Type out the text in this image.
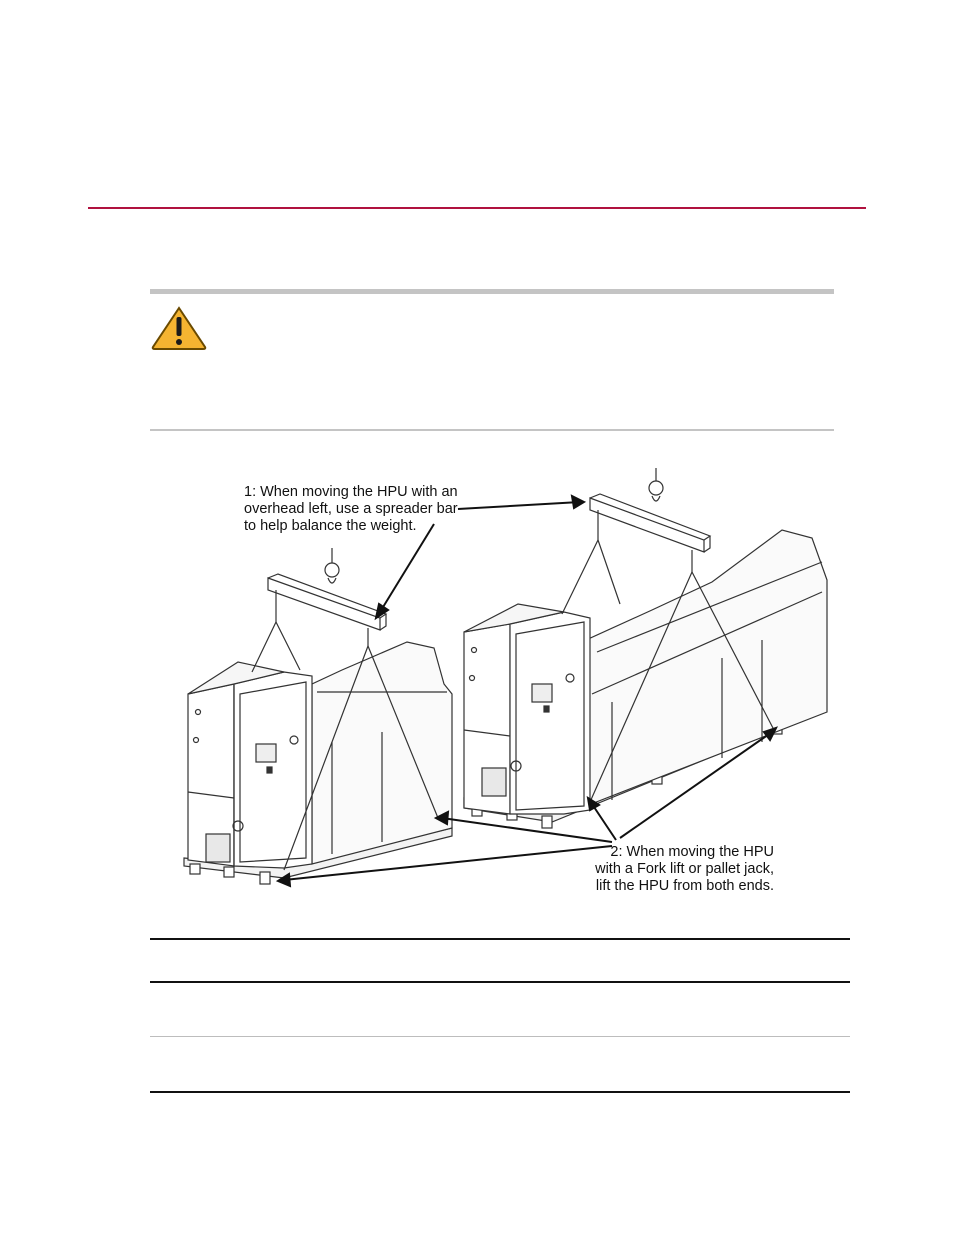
1: When moving the HPU with an
overhead left, use a spreader bar
to help balance the weight.
2: When moving the HPU
with a Fork lift or pallet jack,
lift the HPU from both ends.
